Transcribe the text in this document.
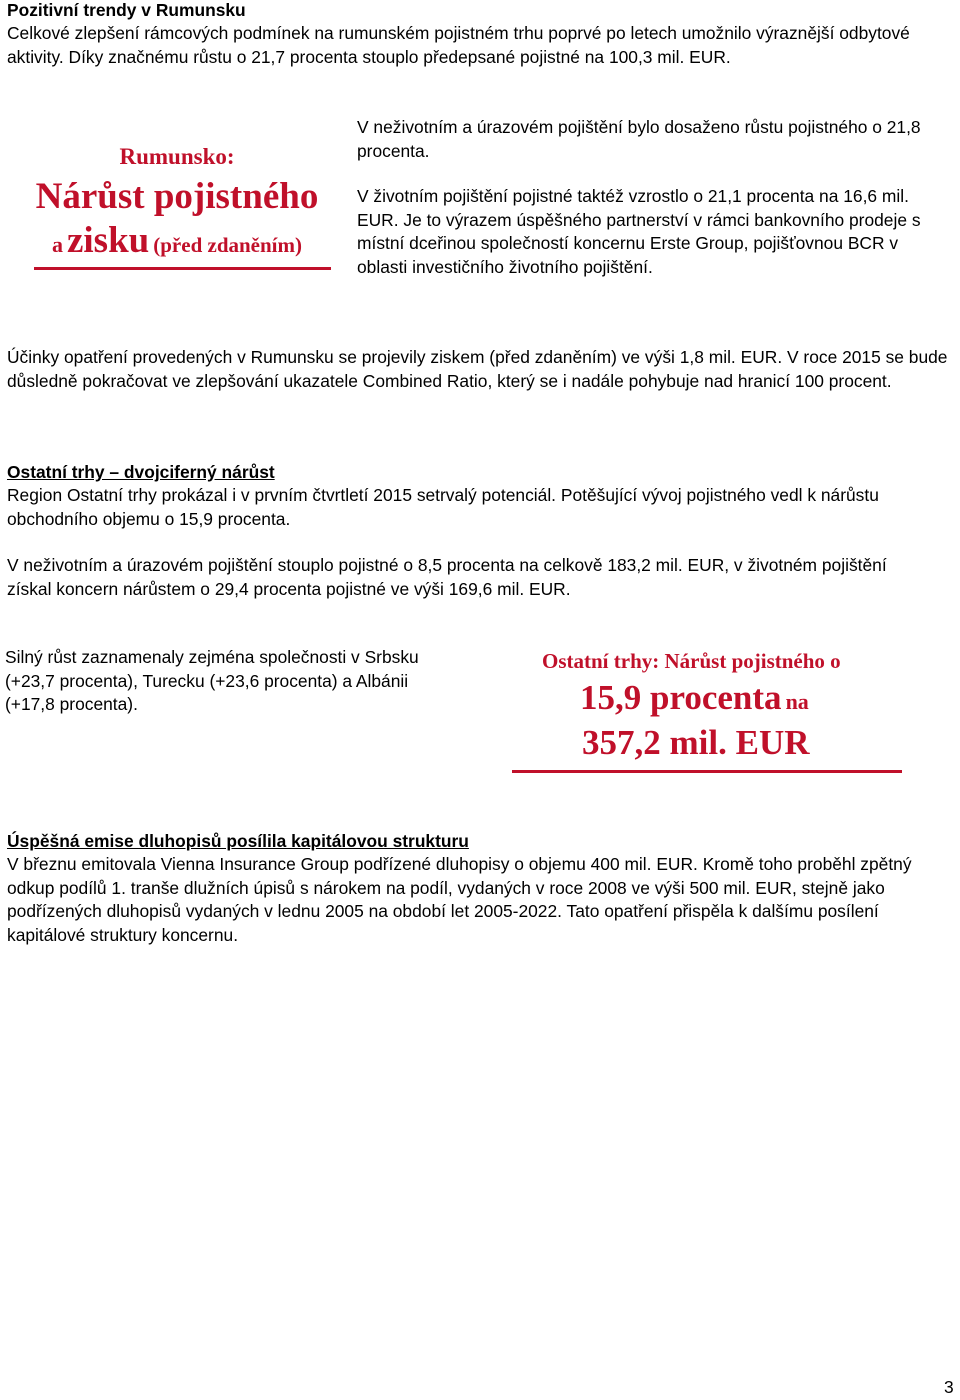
Pozitivní trendy v Rumunsku

Celkové zlepšení rámcových podmínek na rumunském pojistném trhu poprvé po letech umožnilo výraznější odbytové aktivity. Díky značnému růstu o 21,7 procenta stouplo předepsané pojistné na 100,3 mil. EUR.

Rumunsko:
Nárůst pojistného
a zisku (před zdaněním)

V neživotním a úrazovém pojištění bylo dosaženo růstu pojistného o 21,8 procenta.

V životním pojištění pojistné taktéž vzrostlo o 21,1 procenta na 16,6 mil. EUR. Je to výrazem úspěšného partnerství v rámci bankovního prodeje s místní dceřinou společností koncernu Erste Group, pojišťovnou BCR v oblasti investičního životního pojištění.

Účinky opatření provedených v Rumunsku se projevily ziskem (před zdaněním) ve výši 1,8 mil. EUR. V roce 2015 se bude důsledně pokračovat ve zlepšování ukazatele Combined Ratio, který se i nadále pohybuje nad hranicí 100 procent.

Ostatní trhy – dvojciferný nárůst

Region Ostatní trhy prokázal i v prvním čtvrtletí 2015 setrvalý potenciál. Potěšující vývoj pojistného vedl k nárůstu obchodního objemu o 15,9 procenta.

V neživotním a úrazovém pojištění stouplo pojistné o 8,5 procenta na celkově 183,2 mil. EUR, v životném pojištění získal koncern nárůstem o 29,4 procenta pojistné ve výši 169,6 mil. EUR.

Silný růst zaznamenaly zejména společnosti v Srbsku (+23,7 procenta), Turecku (+23,6 procenta) a Albánii (+17,8 procenta).

Ostatní trhy: Nárůst pojistného o
15,9 procenta na
357,2 mil. EUR
Úspěšná emise dluhopisů posílila kapitálovou strukturu

V březnu emitovala Vienna Insurance Group podřízené dluhopisy o objemu 400 mil. EUR. Kromě toho proběhl zpětný odkup podílů 1. tranše dlužních úpisů s nárokem na podíl, vydaných v roce 2008 ve výši 500 mil. EUR, stejně jako podřízených dluhopisů vydaných v lednu 2005 na období let 2005-2022. Tato opatření přispěla k dalšímu posílení kapitálové struktury koncernu.

3
